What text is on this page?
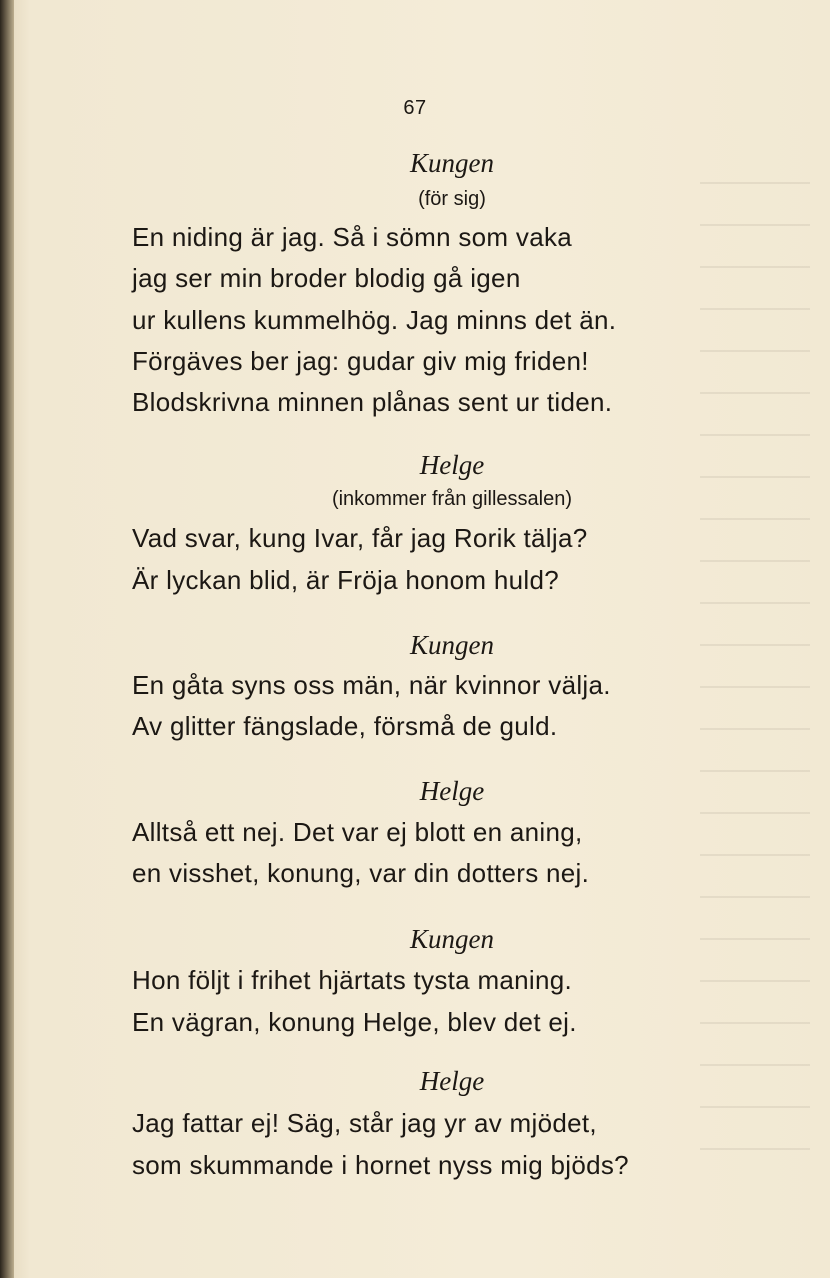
67
Kungen
(för sig)
En niding är jag. Så i sömn som vaka
jag ser min broder blodig gå igen
ur kullens kummelhög. Jag minns det än.
Förgäves ber jag: gudar giv mig friden!
Blodskrivna minnen plånas sent ur tiden.
Helge
(inkommer från gillessalen)
Vad svar, kung Ivar, får jag Rorik tälja?
Är lyckan blid, är Fröja honom huld?
Kungen
En gåta syns oss män, när kvinnor välja.
Av glitter fängslade, försmå de guld.
Helge
Alltså ett nej. Det var ej blott en aning,
en visshet, konung, var din dotters nej.
Kungen
Hon följt i frihet hjärtats tysta maning.
En vägran, konung Helge, blev det ej.
Helge
Jag fattar ej! Säg, står jag yr av mjödet,
som skummande i hornet nyss mig bjöds?
